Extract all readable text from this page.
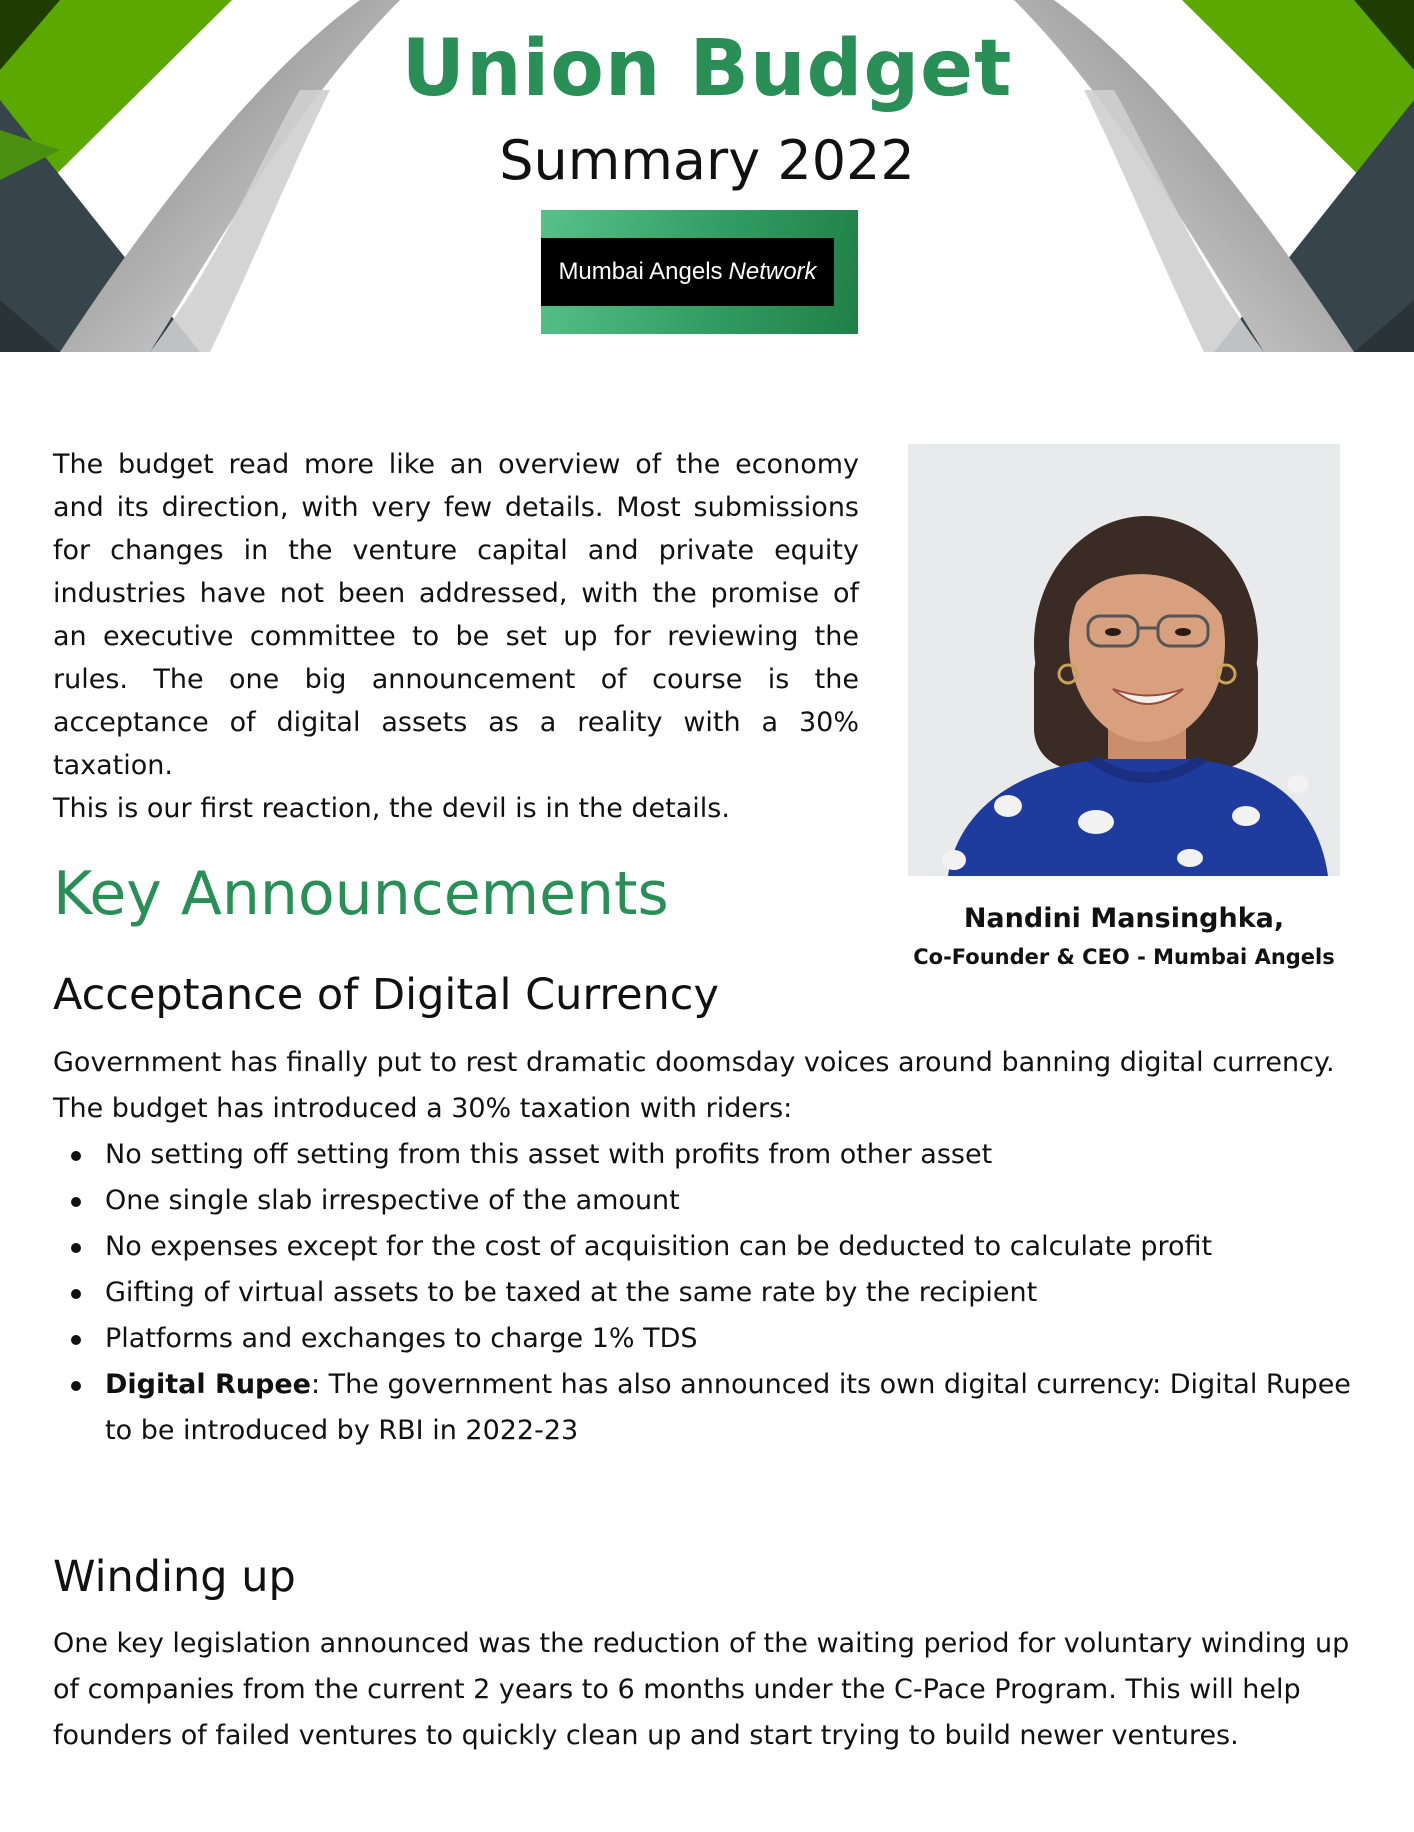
Union Budget
Summary 2022
Mumbai Angels Network

The budget read more like an overview of the economy and its direction, with very few details. Most submissions for changes in the venture capital and private equity industries have not been addressed, with the promise of an executive committee to be set up for reviewing the rules. The one big announcement of course is the acceptance of digital assets as a reality with a 30% taxation.

This is our first reaction, the devil is in the details.

Nandini Mansinghka,
Co-Founder & CEO - Mumbai Angels
Key Announcements
Acceptance of Digital Currency

Government has finally put to rest dramatic doomsday voices around banning digital currency.

The budget has introduced a 30% taxation with riders:

No setting off setting from this asset with profits from other asset
One single slab irrespective of the amount
No expenses except for the cost of acquisition can be deducted to calculate profit
Gifting of virtual assets to be taxed at the same rate by the recipient
Platforms and exchanges to charge 1% TDS
Digital Rupee: The government has also announced its own digital currency: Digital Rupee to be introduced by RBI in 2022-23
Winding up

One key legislation announced was the reduction of the waiting period for voluntary winding up of companies from the current 2 years to 6 months under the C-Pace Program. This will help founders of failed ventures to quickly clean up and start trying to build newer ventures.
